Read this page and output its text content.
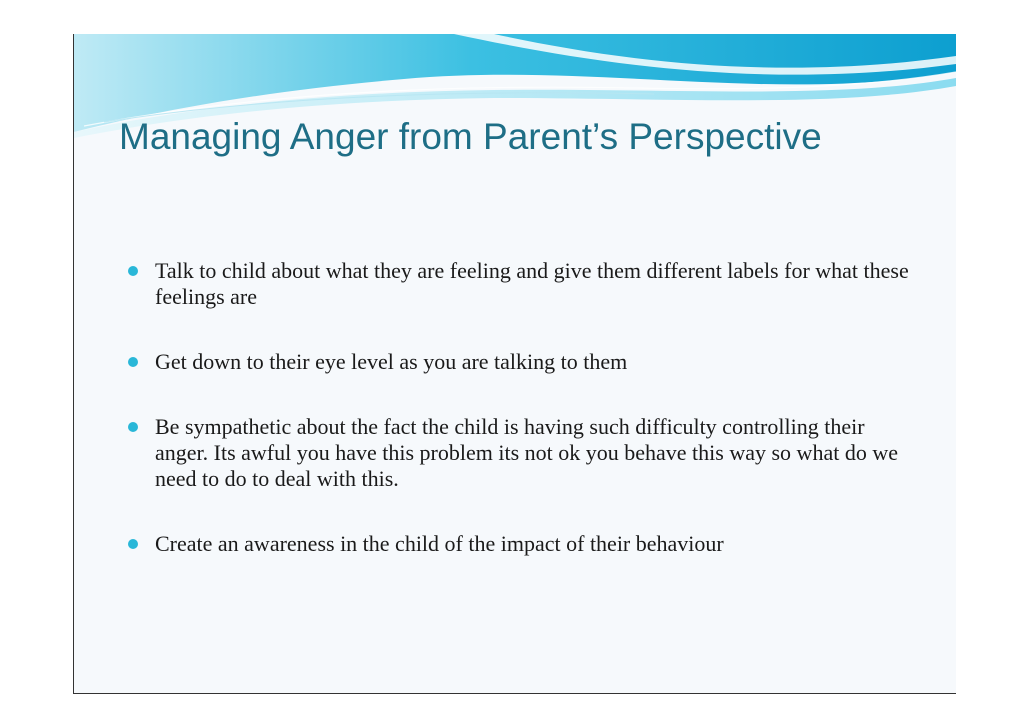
Managing Anger from Parent’s Perspective
Talk to child about what they are feeling and give them different labels for what these feelings are
Get down to their eye level as you are talking to them
Be sympathetic about the fact the child is having such difficulty controlling their anger. Its awful you have this problem its not ok you behave this way so what do we need to do to deal with this.
Create an awareness in the child of the impact of their behaviour
